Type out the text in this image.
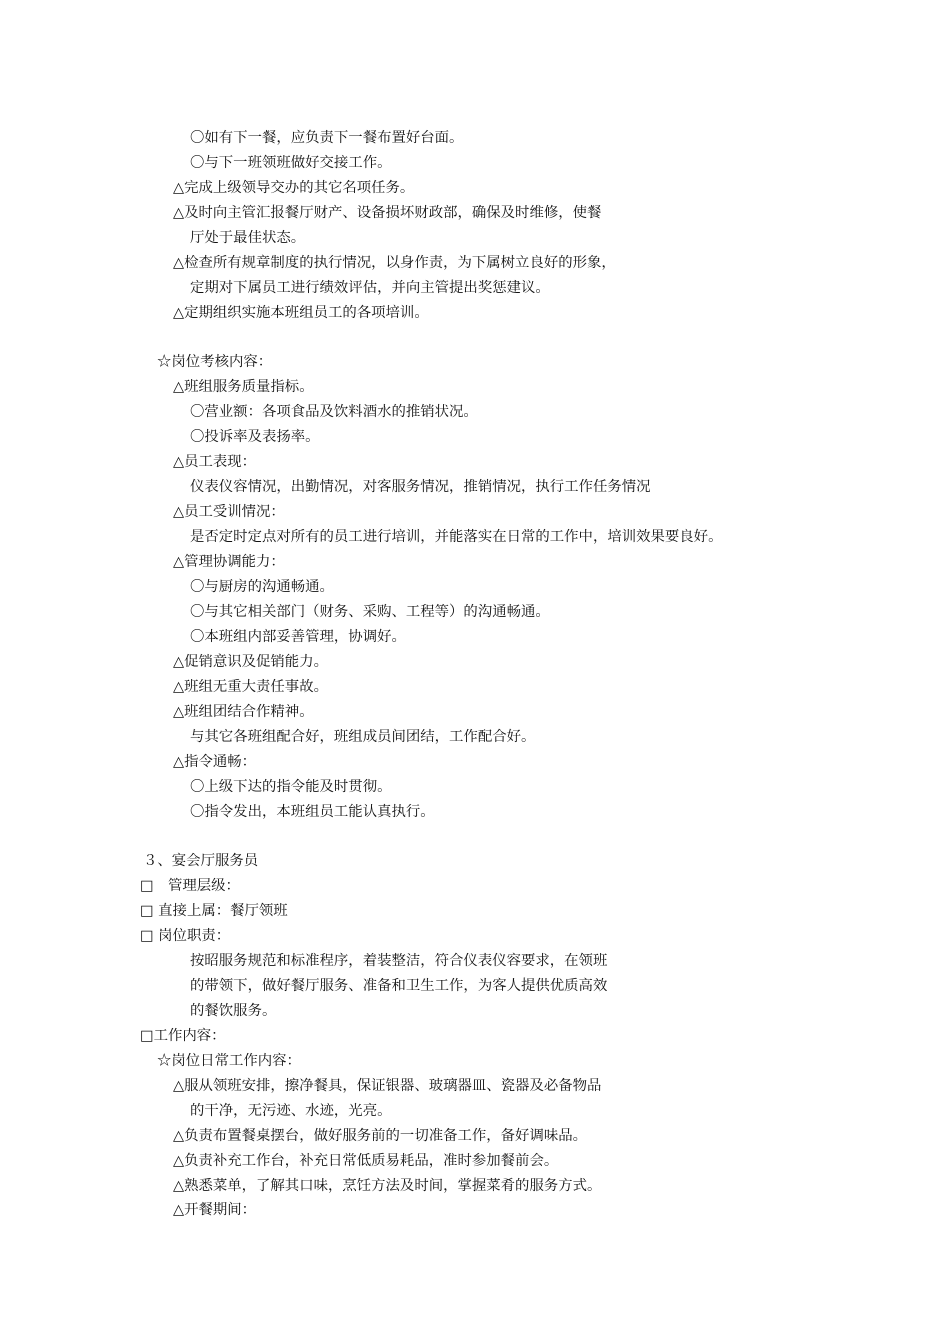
〇如有下一餐，应负责下一餐布置好台面。
〇与下一班领班做好交接工作。
△完成上级领导交办的其它名项任务。
△及时向主管汇报餐厅财产、设备损坏财政部，确保及时维修，使餐
厅处于最佳状态。
△检查所有规章制度的执行情况，以身作责，为下属树立良好的形象，
定期对下属员工进行绩效评估，并向主管提出奖惩建议。
△定期组织实施本班组员工的各项培训。
☆岗位考核内容：
△班组服务质量指标。
〇营业额：各项食品及饮料酒水的推销状况。
〇投诉率及表扬率。
△员工表现：
仪表仪容情况，出勤情况，对客服务情况，推销情况，执行工作任务情况
△员工受训情况：
是否定时定点对所有的员工进行培训，并能落实在日常的工作中，培训效果要良好。
△管理协调能力：
〇与厨房的沟通畅通。
〇与其它相关部门（财务、采购、工程等）的沟通畅通。
〇本班组内部妥善管理，协调好。
△促销意识及促销能力。
△班组无重大责任事故。
△班组团结合作精神。
与其它各班组配合好，班组成员间团结，工作配合好。
△指令通畅：
〇上级下达的指令能及时贯彻。
〇指令发出，本班组员工能认真执行。
３、宴会厅服务员
□　管理层级：
□ 直接上属：餐厅领班
□ 岗位职责：
按昭服务规范和标准程序，着装整洁，符合仪表仪容要求，在领班
的带领下，做好餐厅服务、准备和卫生工作，为客人提供优质高效
的餐饮服务。
□工作内容：
☆岗位日常工作内容：
△服从领班安排，擦净餐具，保证银器、玻璃器皿、瓷器及必备物品
的干净，无污迹、水迹，光亮。
△负责布置餐桌摆台，做好服务前的一切准备工作，备好调味品。
△负责补充工作台，补充日常低质易耗品，准时参加餐前会。
△熟悉菜单，了解其口味，烹饪方法及时间，掌握菜肴的服务方式。
△开餐期间：
